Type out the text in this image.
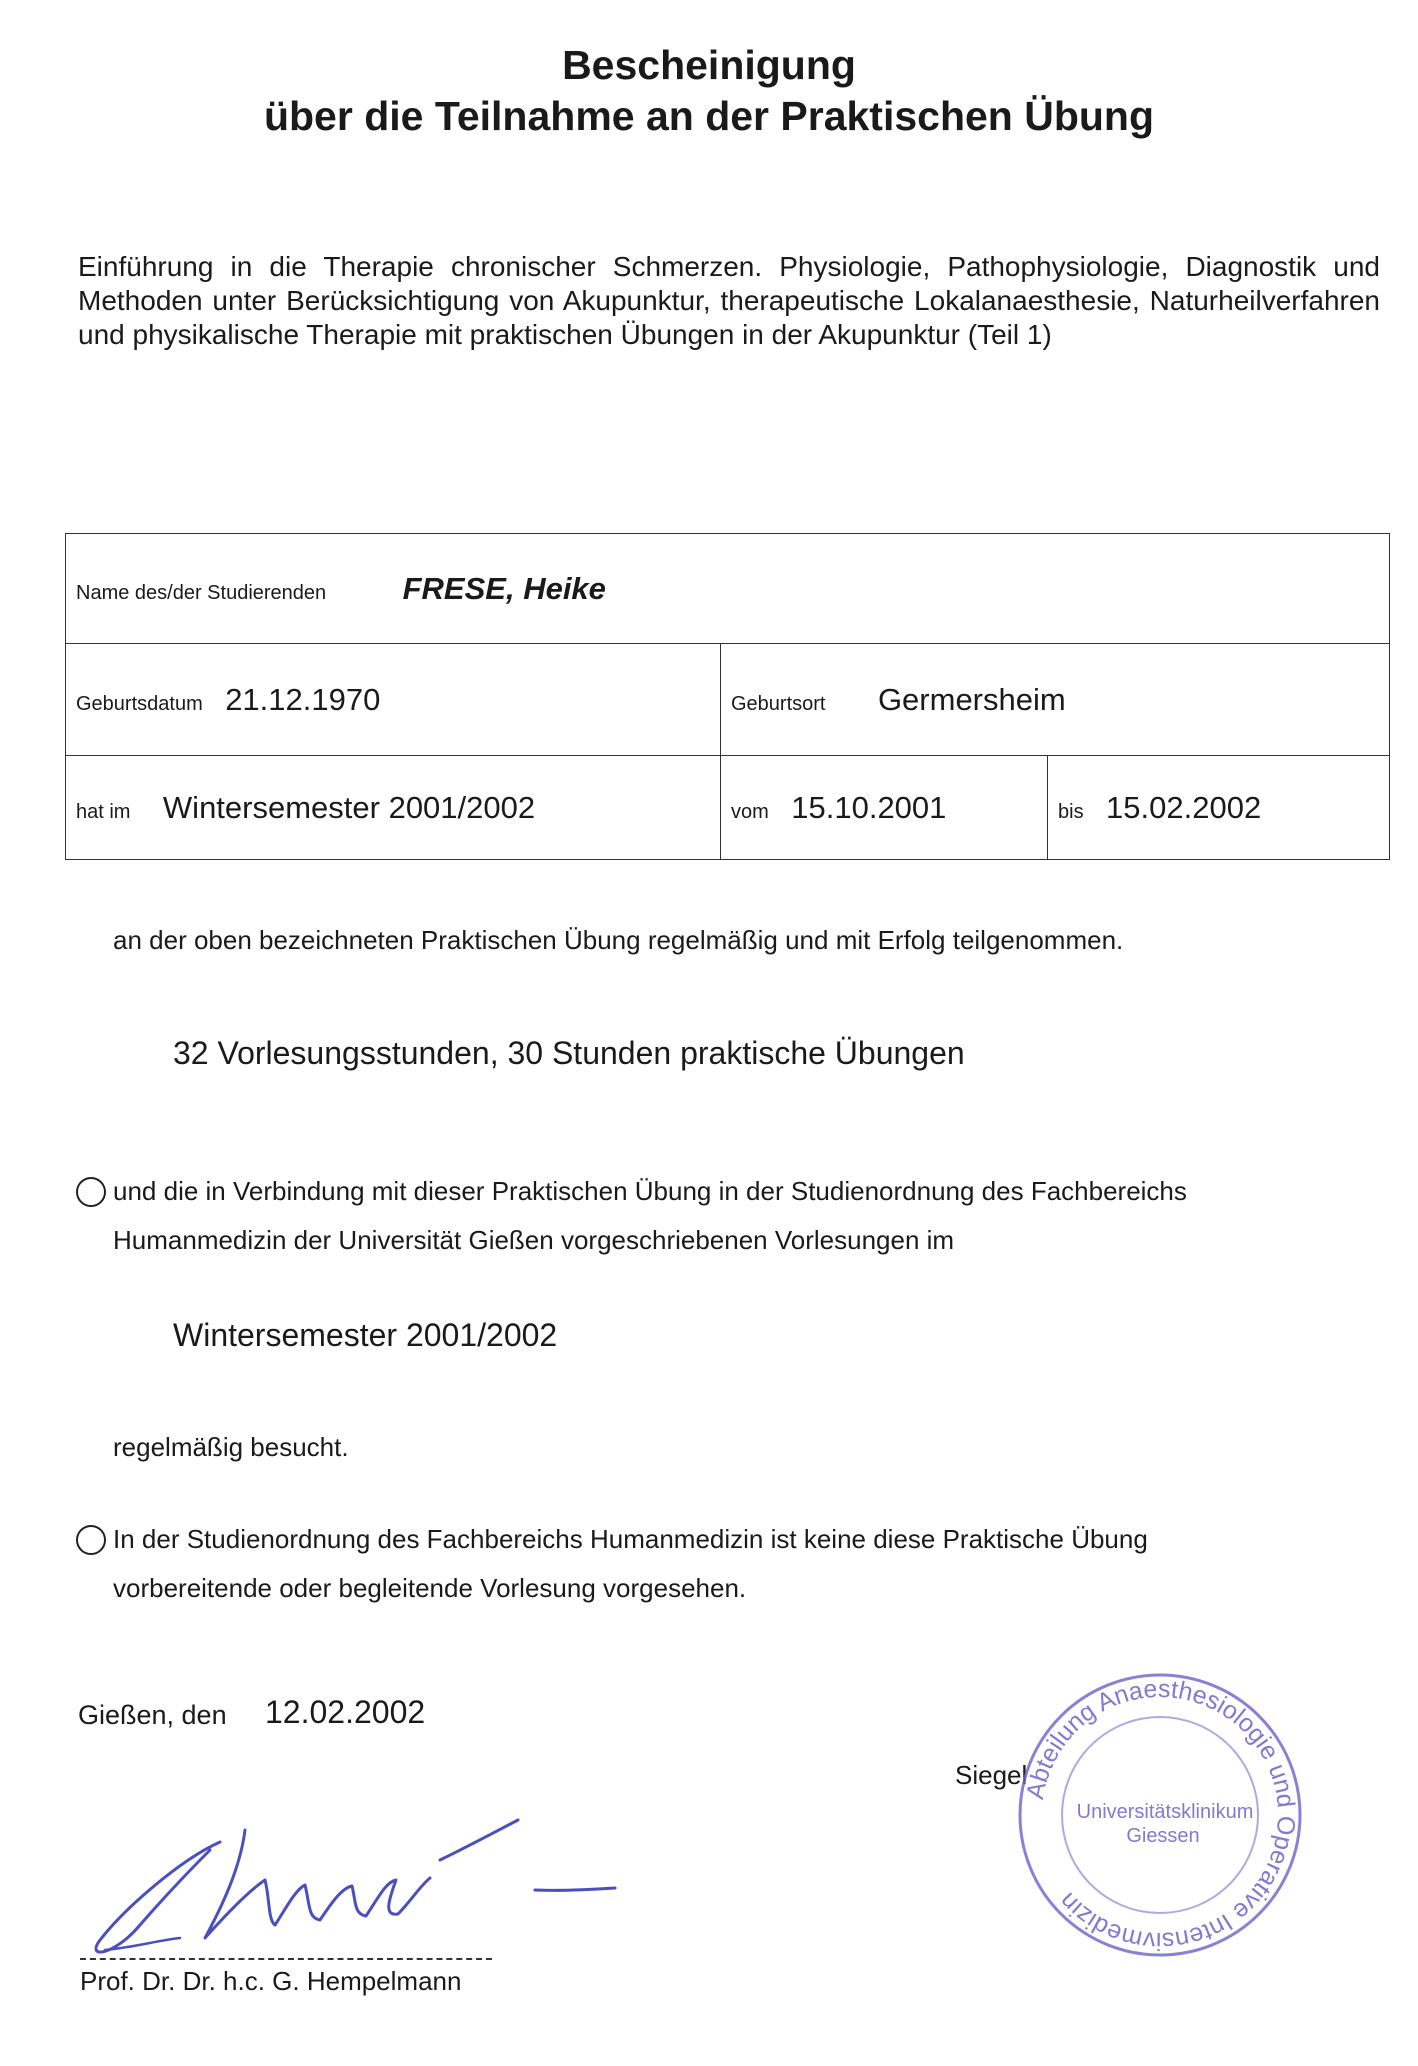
Bescheinigung
über die Teilnahme an der Praktischen Übung
Einführung in die Therapie chronischer Schmerzen. Physiologie, Pathophysiologie, Diagnostik und Methoden unter Berücksichtigung von Akupunktur, therapeutische Lokalanaesthesie, Naturheilverfahren und physikalische Therapie mit praktischen Übungen in der Akupunktur (Teil 1)
Name des/der Studierenden FRESE, Heike		
Geburtsdatum 21.12.1970	Geburtsort Germersheim	
hat im Wintersemester 2001/2002	vom 15.10.2001	bis 15.02.2002
an der oben bezeichneten Praktischen Übung regelmäßig und mit Erfolg teilgenommen.
32 Vorlesungsstunden, 30 Stunden praktische Übungen
und die in Verbindung mit dieser Praktischen Übung in der Studienordnung des Fachbereichs
Humanmedizin der Universität Gießen vorgeschriebenen Vorlesungen im
Wintersemester 2001/2002
regelmäßig besucht.
In der Studienordnung des Fachbereichs Humanmedizin ist keine diese Praktische Übung
vorbereitende oder begleitende Vorlesung vorgesehen.
Gießen, den 12.02.2002
Siegel
Abteilung Anaesthesiologie und Operative Intensivmedizin
Universitätsklinikum
Giessen
Prof. Dr. Dr. h.c. G. Hempelmann
